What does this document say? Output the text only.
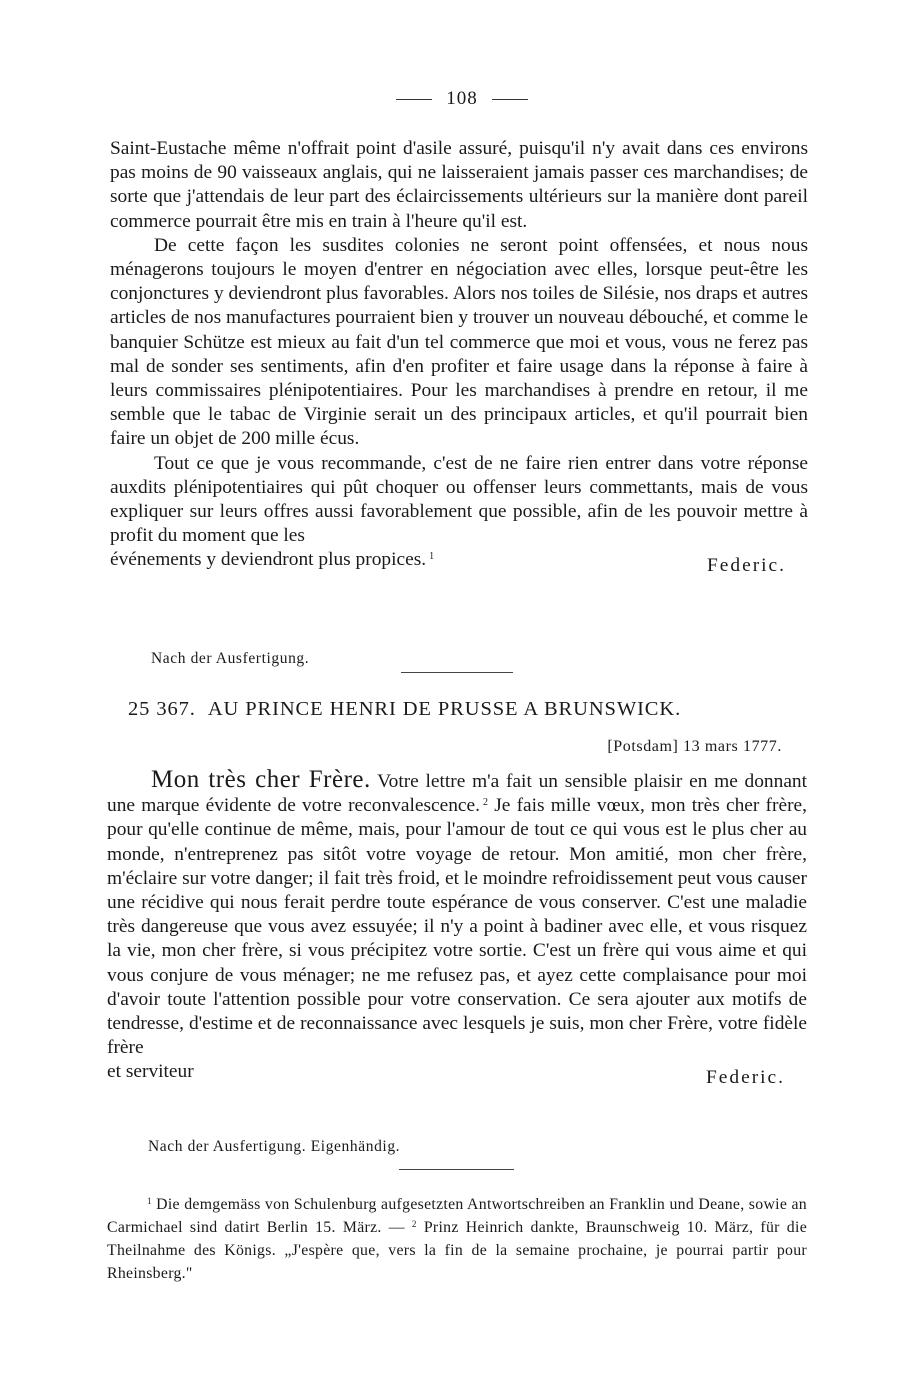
108

Saint-Eustache même n'offrait point d'asile assuré, puisqu'il n'y avait dans ces environs pas moins de 90 vaisseaux anglais, qui ne laisseraient jamais passer ces marchandises; de sorte que j'attendais de leur part des éclaircissements ultérieurs sur la manière dont pareil commerce pourrait être mis en train à l'heure qu'il est.

De cette façon les susdites colonies ne seront point offensées, et nous nous ménagerons toujours le moyen d'entrer en négociation avec elles, lorsque peut-être les conjonctures y deviendront plus favorables. Alors nos toiles de Silésie, nos draps et autres articles de nos manufactures pourraient bien y trouver un nouveau débouché, et comme le banquier Schütze est mieux au fait d'un tel commerce que moi et vous, vous ne ferez pas mal de sonder ses sentiments, afin d'en profiter et faire usage dans la réponse à faire à leurs commissaires plénipotentiaires. Pour les marchandises à prendre en retour, il me semble que le tabac de Virginie serait un des principaux articles, et qu'il pourrait bien faire un objet de 200 mille écus.

Tout ce que je vous recommande, c'est de ne faire rien entrer dans votre réponse auxdits plénipotentiaires qui pût choquer ou offenser leurs commettants, mais de vous expliquer sur leurs offres aussi favorablement que possible, afin de les pouvoir mettre à profit du moment que les

événements y deviendront plus propices. $^1$	Federic.
Nach der Ausfertigung.
25 367. AU PRINCE HENRI DE PRUSSE A BRUNSWICK.
[Potsdam] 13 mars 1777.

Mon très cher Frère. Votre lettre m'a fait un sensible plaisir en me donnant une marque évidente de votre reconvalescence. $^2$ Je fais mille vœux, mon très cher frère, pour qu'elle continue de même, mais, pour l'amour de tout ce qui vous est le plus cher au monde, n'entreprenez pas sitôt votre voyage de retour. Mon amitié, mon cher frère, m'éclaire sur votre danger; il fait très froid, et le moindre refroidissement peut vous causer une récidive qui nous ferait perdre toute espérance de vous conserver. C'est une maladie très dangereuse que vous avez essuyée; il n'y a point à badiner avec elle, et vous risquez la vie, mon cher frère, si vous précipitez votre sortie. C'est un frère qui vous aime et qui vous conjure de vous ménager; ne me refusez pas, et ayez cette complaisance pour moi d'avoir toute l'attention possible pour votre conservation. Ce sera ajouter aux motifs de tendresse, d'estime et de reconnaissance avec lesquels je suis, mon cher Frère, votre fidèle frère

et serviteur	Federic.
Nach der Ausfertigung. Eigenhändig.

$^1$ Die demgemäss von Schulenburg aufgesetzten Antwortschreiben an Franklin und Deane, sowie an Carmichael sind datirt Berlin 15. März. — $^2$ Prinz Heinrich dankte, Braunschweig 10. März, für die Theilnahme des Königs. „J'espère que, vers la fin de la semaine prochaine, je pourrai partir pour Rheinsberg."
